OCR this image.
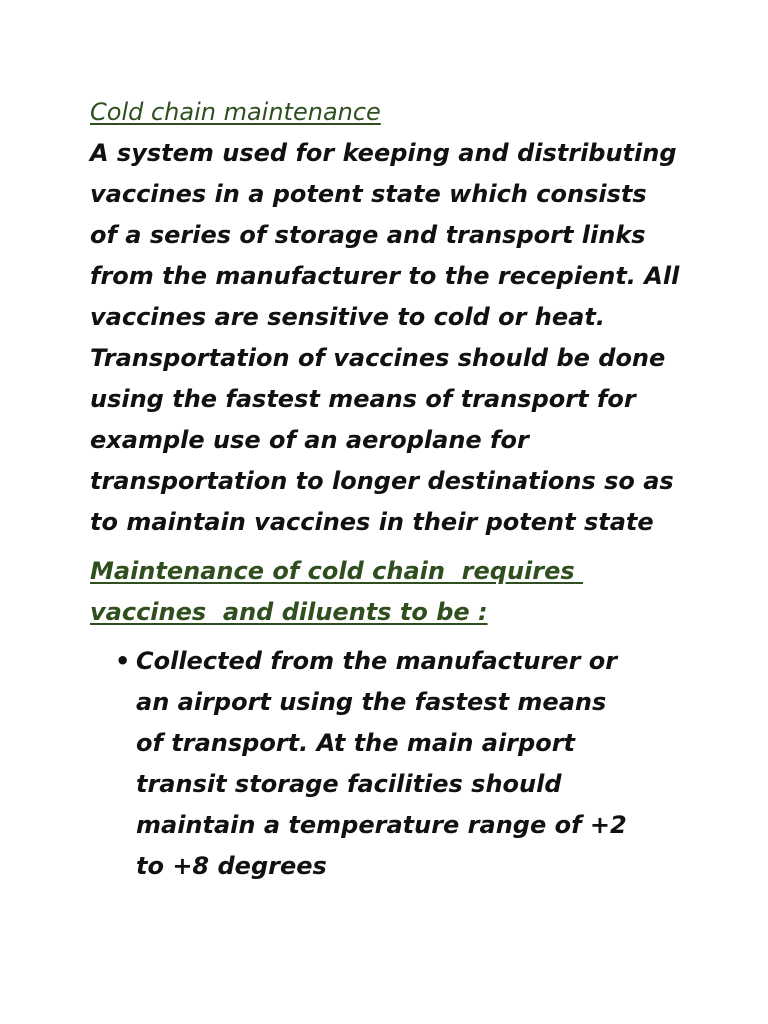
Cold chain maintenance

A system used for keeping and distributing vaccines in a potent state which consists of a series of storage and transport links from the manufacturer to the recepient. All vaccines are sensitive to cold or heat. Transportation of vaccines should be done using the fastest means of transport for example use of an aeroplane for transportation to longer destinations so as to maintain vaccines in their potent state

Maintenance of cold chain  requires vaccines  and diluents to be :
• Collected from the manufacturer or an airport using the fastest means of transport. At the main airport transit storage facilities should maintain a temperature range of +2 to +8 degrees
